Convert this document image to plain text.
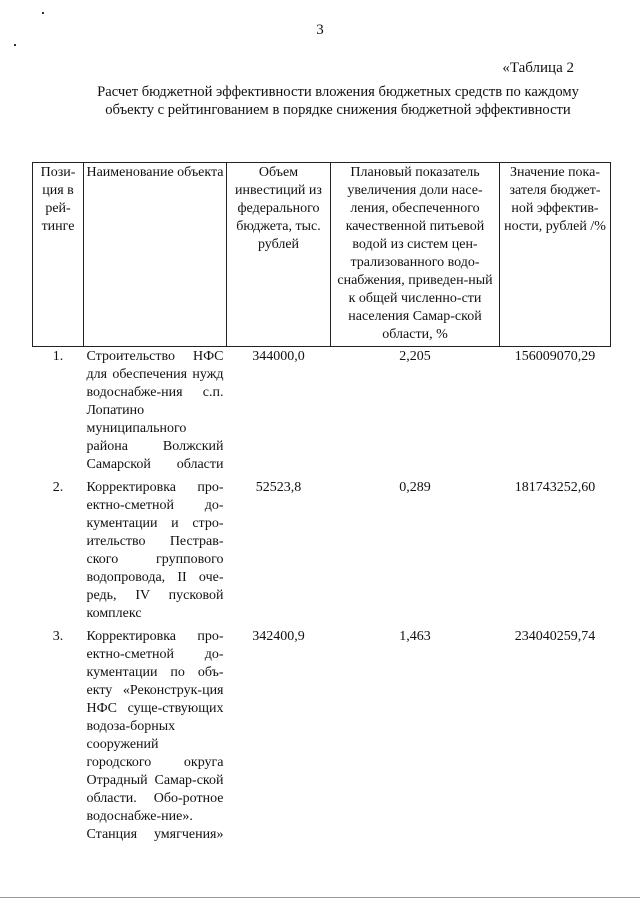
3
«Таблица 2
Расчет бюджетной эффективности вложения бюджетных средств по каждому объекту с рейтингованием в порядке снижения бюджетной эффективности
Пози-ция в рей-тинге	Наименование объекта	Объем инвестиций из федерального бюджета, тыс. рублей	Плановый показатель увеличения доли насе-ления, обеспеченного качественной питьевой водой из систем цен-трализованного водо-снабжения, приведен-ный к общей численно-сти населения Самар-ской области, %	Значение пока-зателя бюджет-ной эффектив-ности, рублей /%
1.	Строительство НФС для обеспечения нужд водоснабже-ния с.п. Лопатино муниципального района Волжский Самарской области	344000,0	2,205	156009070,29
2.	Корректировка про-ектно-сметной до-кументации и стро-ительство Пестрав-ского группового водопровода, II оче-редь, IV пусковой комплекс	52523,8	0,289	181743252,60
3.	Корректировка про-ектно-сметной до-кументации по объ-екту «Реконструк-ция НФС суще-ствующих водоза-борных сооружений городского округа Отрадный Самар-ской области. Обо-ротное водоснабже-ние». Станция умягчения»	342400,9	1,463	234040259,74
